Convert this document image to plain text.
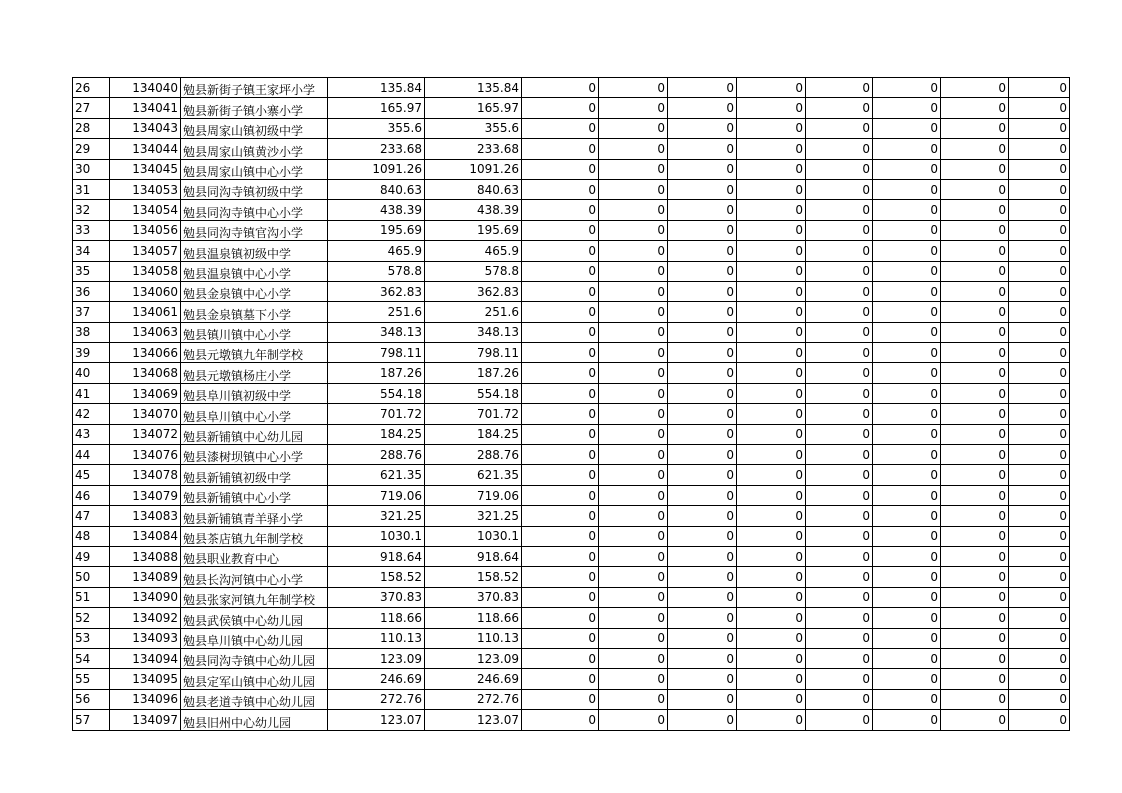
26	134040	勉县新街子镇王家坪小学	135.84	135.84	0	0	0	0	0	0	0	0
27	134041	勉县新街子镇小寨小学	165.97	165.97	0	0	0	0	0	0	0	0
28	134043	勉县周家山镇初级中学	355.6	355.6	0	0	0	0	0	0	0	0
29	134044	勉县周家山镇黄沙小学	233.68	233.68	0	0	0	0	0	0	0	0
30	134045	勉县周家山镇中心小学	1091.26	1091.26	0	0	0	0	0	0	0	0
31	134053	勉县同沟寺镇初级中学	840.63	840.63	0	0	0	0	0	0	0	0
32	134054	勉县同沟寺镇中心小学	438.39	438.39	0	0	0	0	0	0	0	0
33	134056	勉县同沟寺镇官沟小学	195.69	195.69	0	0	0	0	0	0	0	0
34	134057	勉县温泉镇初级中学	465.9	465.9	0	0	0	0	0	0	0	0
35	134058	勉县温泉镇中心小学	578.8	578.8	0	0	0	0	0	0	0	0
36	134060	勉县金泉镇中心小学	362.83	362.83	0	0	0	0	0	0	0	0
37	134061	勉县金泉镇墓下小学	251.6	251.6	0	0	0	0	0	0	0	0
38	134063	勉县镇川镇中心小学	348.13	348.13	0	0	0	0	0	0	0	0
39	134066	勉县元墩镇九年制学校	798.11	798.11	0	0	0	0	0	0	0	0
40	134068	勉县元墩镇杨庄小学	187.26	187.26	0	0	0	0	0	0	0	0
41	134069	勉县阜川镇初级中学	554.18	554.18	0	0	0	0	0	0	0	0
42	134070	勉县阜川镇中心小学	701.72	701.72	0	0	0	0	0	0	0	0
43	134072	勉县新铺镇中心幼儿园	184.25	184.25	0	0	0	0	0	0	0	0
44	134076	勉县漆树坝镇中心小学	288.76	288.76	0	0	0	0	0	0	0	0
45	134078	勉县新铺镇初级中学	621.35	621.35	0	0	0	0	0	0	0	0
46	134079	勉县新铺镇中心小学	719.06	719.06	0	0	0	0	0	0	0	0
47	134083	勉县新铺镇青羊驿小学	321.25	321.25	0	0	0	0	0	0	0	0
48	134084	勉县茶店镇九年制学校	1030.1	1030.1	0	0	0	0	0	0	0	0
49	134088	勉县职业教育中心	918.64	918.64	0	0	0	0	0	0	0	0
50	134089	勉县长沟河镇中心小学	158.52	158.52	0	0	0	0	0	0	0	0
51	134090	勉县张家河镇九年制学校	370.83	370.83	0	0	0	0	0	0	0	0
52	134092	勉县武侯镇中心幼儿园	118.66	118.66	0	0	0	0	0	0	0	0
53	134093	勉县阜川镇中心幼儿园	110.13	110.13	0	0	0	0	0	0	0	0
54	134094	勉县同沟寺镇中心幼儿园	123.09	123.09	0	0	0	0	0	0	0	0
55	134095	勉县定军山镇中心幼儿园	246.69	246.69	0	0	0	0	0	0	0	0
56	134096	勉县老道寺镇中心幼儿园	272.76	272.76	0	0	0	0	0	0	0	0
57	134097	勉县旧州中心幼儿园	123.07	123.07	0	0	0	0	0	0	0	0
